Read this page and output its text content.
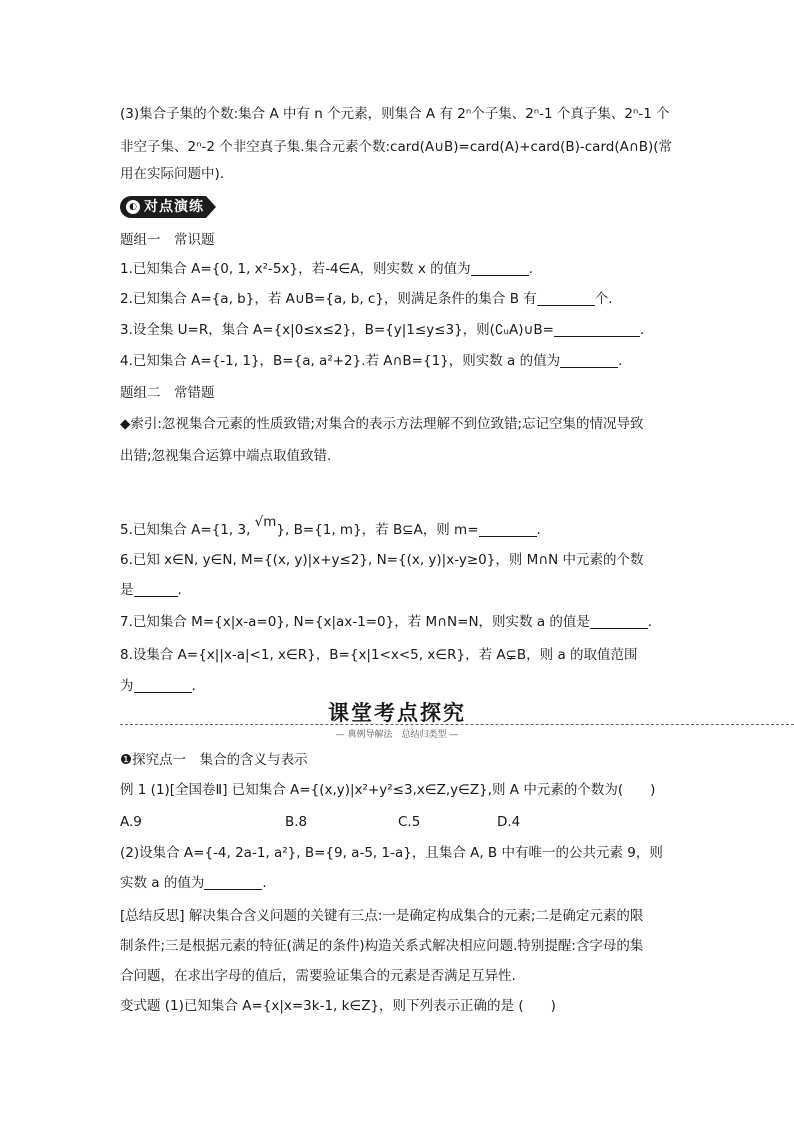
(3)集合子集的个数:集合 A 中有 n 个元素，则集合 A 有 2ⁿ个子集、2ⁿ-1 个真子集、2ⁿ-1 个
非空子集、2ⁿ-2 个非空真子集.集合元素个数:card(A∪B)=card(A)+card(B)-card(A∩B)(常
用在实际问题中).
◐ 对点演练
题组一　常识题
1.已知集合 A={0, 1, x²-5x}，若-4∈A，则实数 x 的值为	.
2.已知集合 A={a, b}，若 A∪B={a, b, c}，则满足条件的集合 B 有	个.
3.设全集 U=R，集合 A={x|0≤x≤2}，B={y|1≤y≤3}，则(∁ᵤA)∪B=	.
4.已知集合 A={-1, 1}，B={a, a²+2}.若 A∩B={1}，则实数 a 的值为	.
题组二　常错题
◆索引:忽视集合元素的性质致错;对集合的表示方法理解不到位致错;忘记空集的情况导致
出错;忽视集合运算中端点取值致错.
5.已知集合 A={1, 3, √m}, B={1, m}，若 B⊆A，则 m=	.
6.已知 x∈N, y∈N, M={(x, y)|x+y≤2}, N={(x, y)|x-y≥0}，则 M∩N 中元素的个数
是	.
7.已知集合 M={x|x-a=0}, N={x|ax-1=0}，若 M∩N=N，则实数 a 的值是	.
8.设集合 A={x||x-a|<1, x∈R}，B={x|1<x<5, x∈R}，若 A⊊B，则 a 的取值范围
为	.
课堂考点探究
— 典例导解法　总结归类型 —
❶探究点一　集合的含义与表示
例 1 (1)[全国卷Ⅱ] 已知集合 A={(x,y)|x²+y²≤3,x∈Z,y∈Z},则 A 中元素的个数为(　　)
A.9	B.8	C.5	D.4
(2)设集合 A={-4, 2a-1, a²}, B={9, a-5, 1-a}，且集合 A, B 中有唯一的公共元素 9，则
实数 a 的值为	.
[总结反思] 解决集合含义问题的关键有三点:一是确定构成集合的元素;二是确定元素的限
制条件;三是根据元素的特征(满足的条件)构造关系式解决相应问题.特别提醒:含字母的集
合问题，在求出字母的值后，需要验证集合的元素是否满足互异性.
变式题 (1)已知集合 A={x|x=3k-1, k∈Z}，则下列表示正确的是 (　　)
